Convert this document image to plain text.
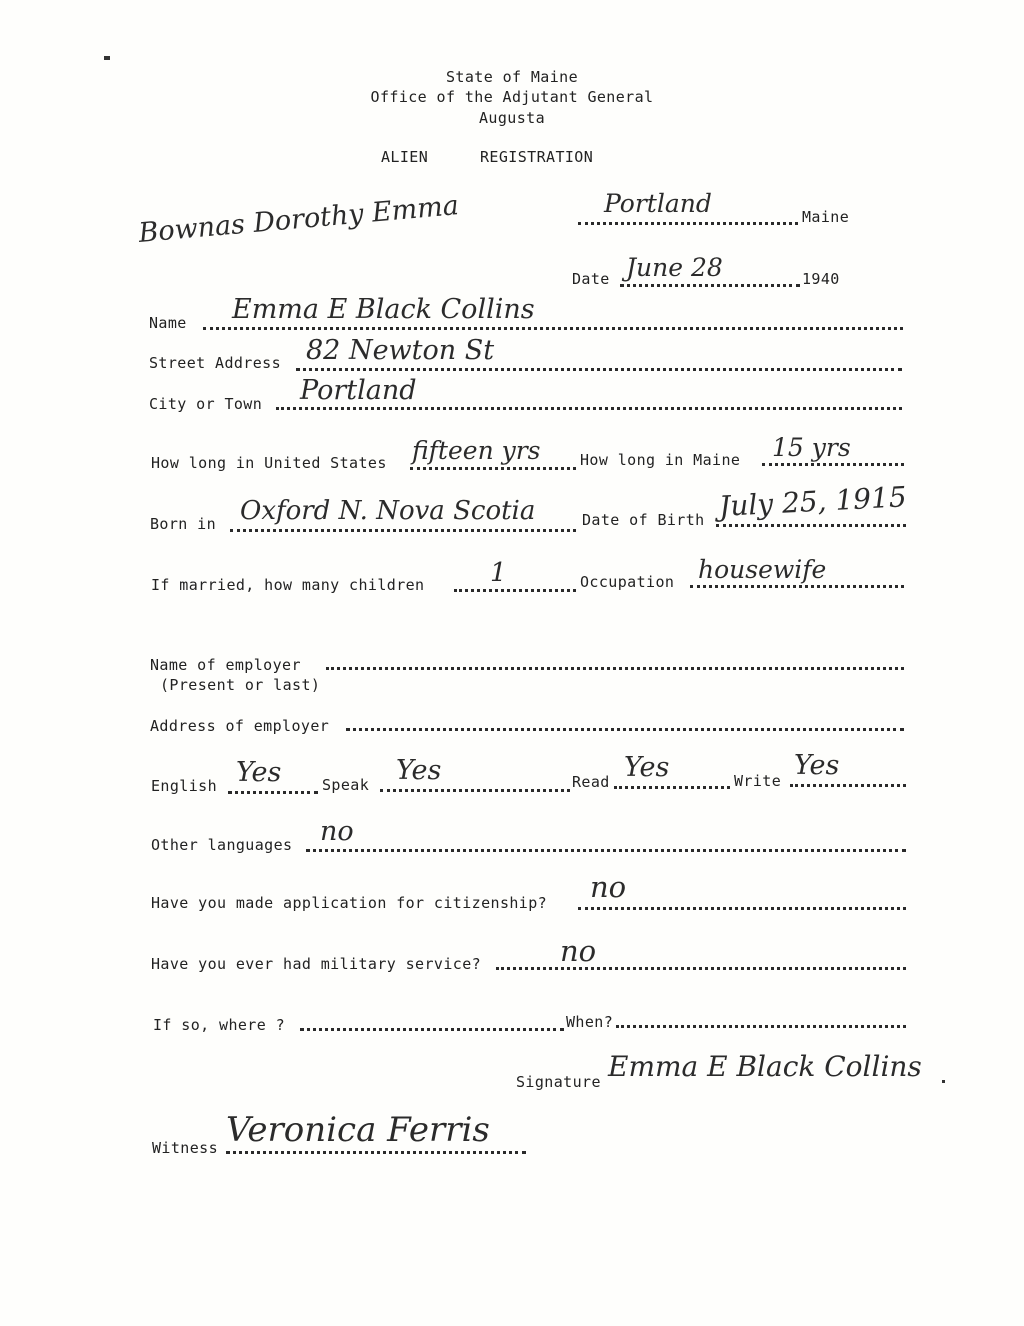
State of Maine
Office of the Adjutant General
Augusta
ALIEN	REGISTRATION
Bownas Dorothy Emma	Portland	Maine
Date June 28	1940
Name Emma E Black Collins
Street Address 82 Newton St
City or Town Portland
How long in United States fifteen yrs	How long in Maine 15 yrs
Born in Oxford N. Nova Scotia	Date of Birth July 25, 1915
If married, how many children	1	Occupation housewife
Name of employer
(Present or last)
Address of employer
English Yes	Speak Yes	Read Yes	Write Yes
Other languages no
Have you made application for citizenship? no
Have you ever had military service?	no
If so, where ?	When?
Signature Emma E Black Collins
Witness Veronica Ferris
